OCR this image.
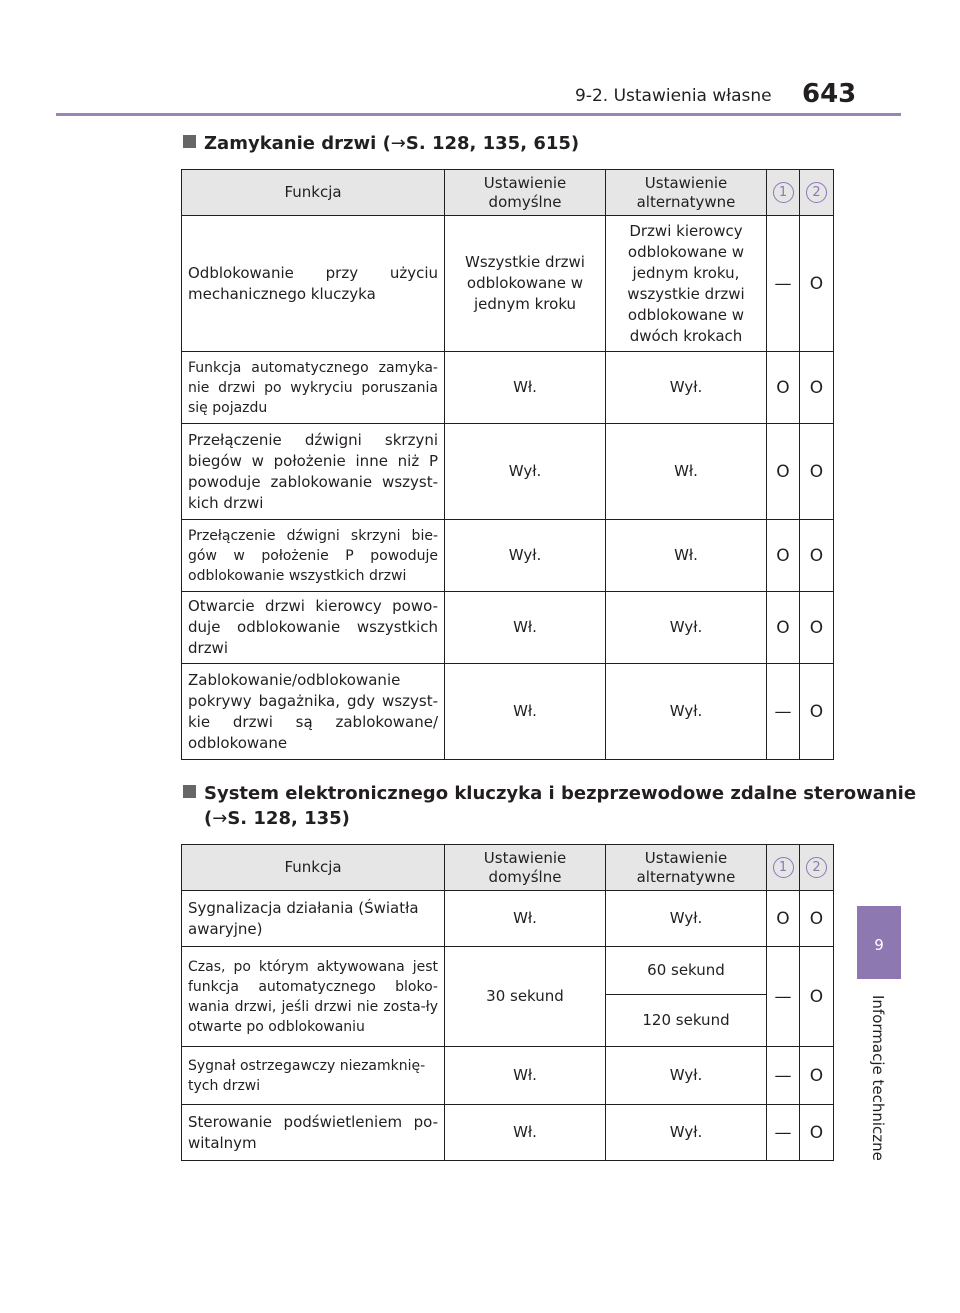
9-2. Ustawienia własne 643
9
Informacje techniczne
Zamykanie drzwi (→S. 128, 135, 615)
Funkcja	Ustawienie domyślne	Ustawienie alternatywne	1	2
Odblokowanie przy użyciu mechanicznego kluczyka	Wszystkie drzwi odblokowane w jednym kroku	Drzwi kierowcy odblokowane w jednym kroku, wszystkie drzwi odblokowane w dwóch krokach	—	O
Funkcja automatycznego zamyka-nie drzwi po wykryciu poruszania się pojazdu	Wł.	Wył.	O	O
Przełączenie dźwigni skrzyni biegów w położenie inne niż P powoduje zablokowanie wszyst-kich drzwi	Wył.	Wł.	O	O
Przełączenie dźwigni skrzyni bie-gów w położenie P powoduje odblokowanie wszystkich drzwi	Wył.	Wł.	O	O
Otwarcie drzwi kierowcy powo-duje odblokowanie wszystkich drzwi	Wł.	Wył.	O	O
Zablokowanie/odblokowanie pokrywy bagażnika, gdy wszyst-kie drzwi są zablokowane/ odblokowane	Wł.	Wył.	—	O
System elektronicznego kluczyka i bezprzewodowe zdalne sterowanie
(→S. 128, 135)
Funkcja	Ustawienie domyślne	Ustawienie alternatywne	1	2
Sygnalizacja działania (Światła awaryjne)	Wł.	Wył.	O	O
Czas, po którym aktywowana jest funkcja automatycznego bloko-wania drzwi, jeśli drzwi nie zosta-ły otwarte po odblokowaniu	30 sekund	60 sekund	—	O
		120 sekund		
Sygnał ostrzegawczy niezamknię-tych drzwi	Wł.	Wył.	—	O
Sterowanie podświetleniem po-witalnym	Wł.	Wył.	—	O
